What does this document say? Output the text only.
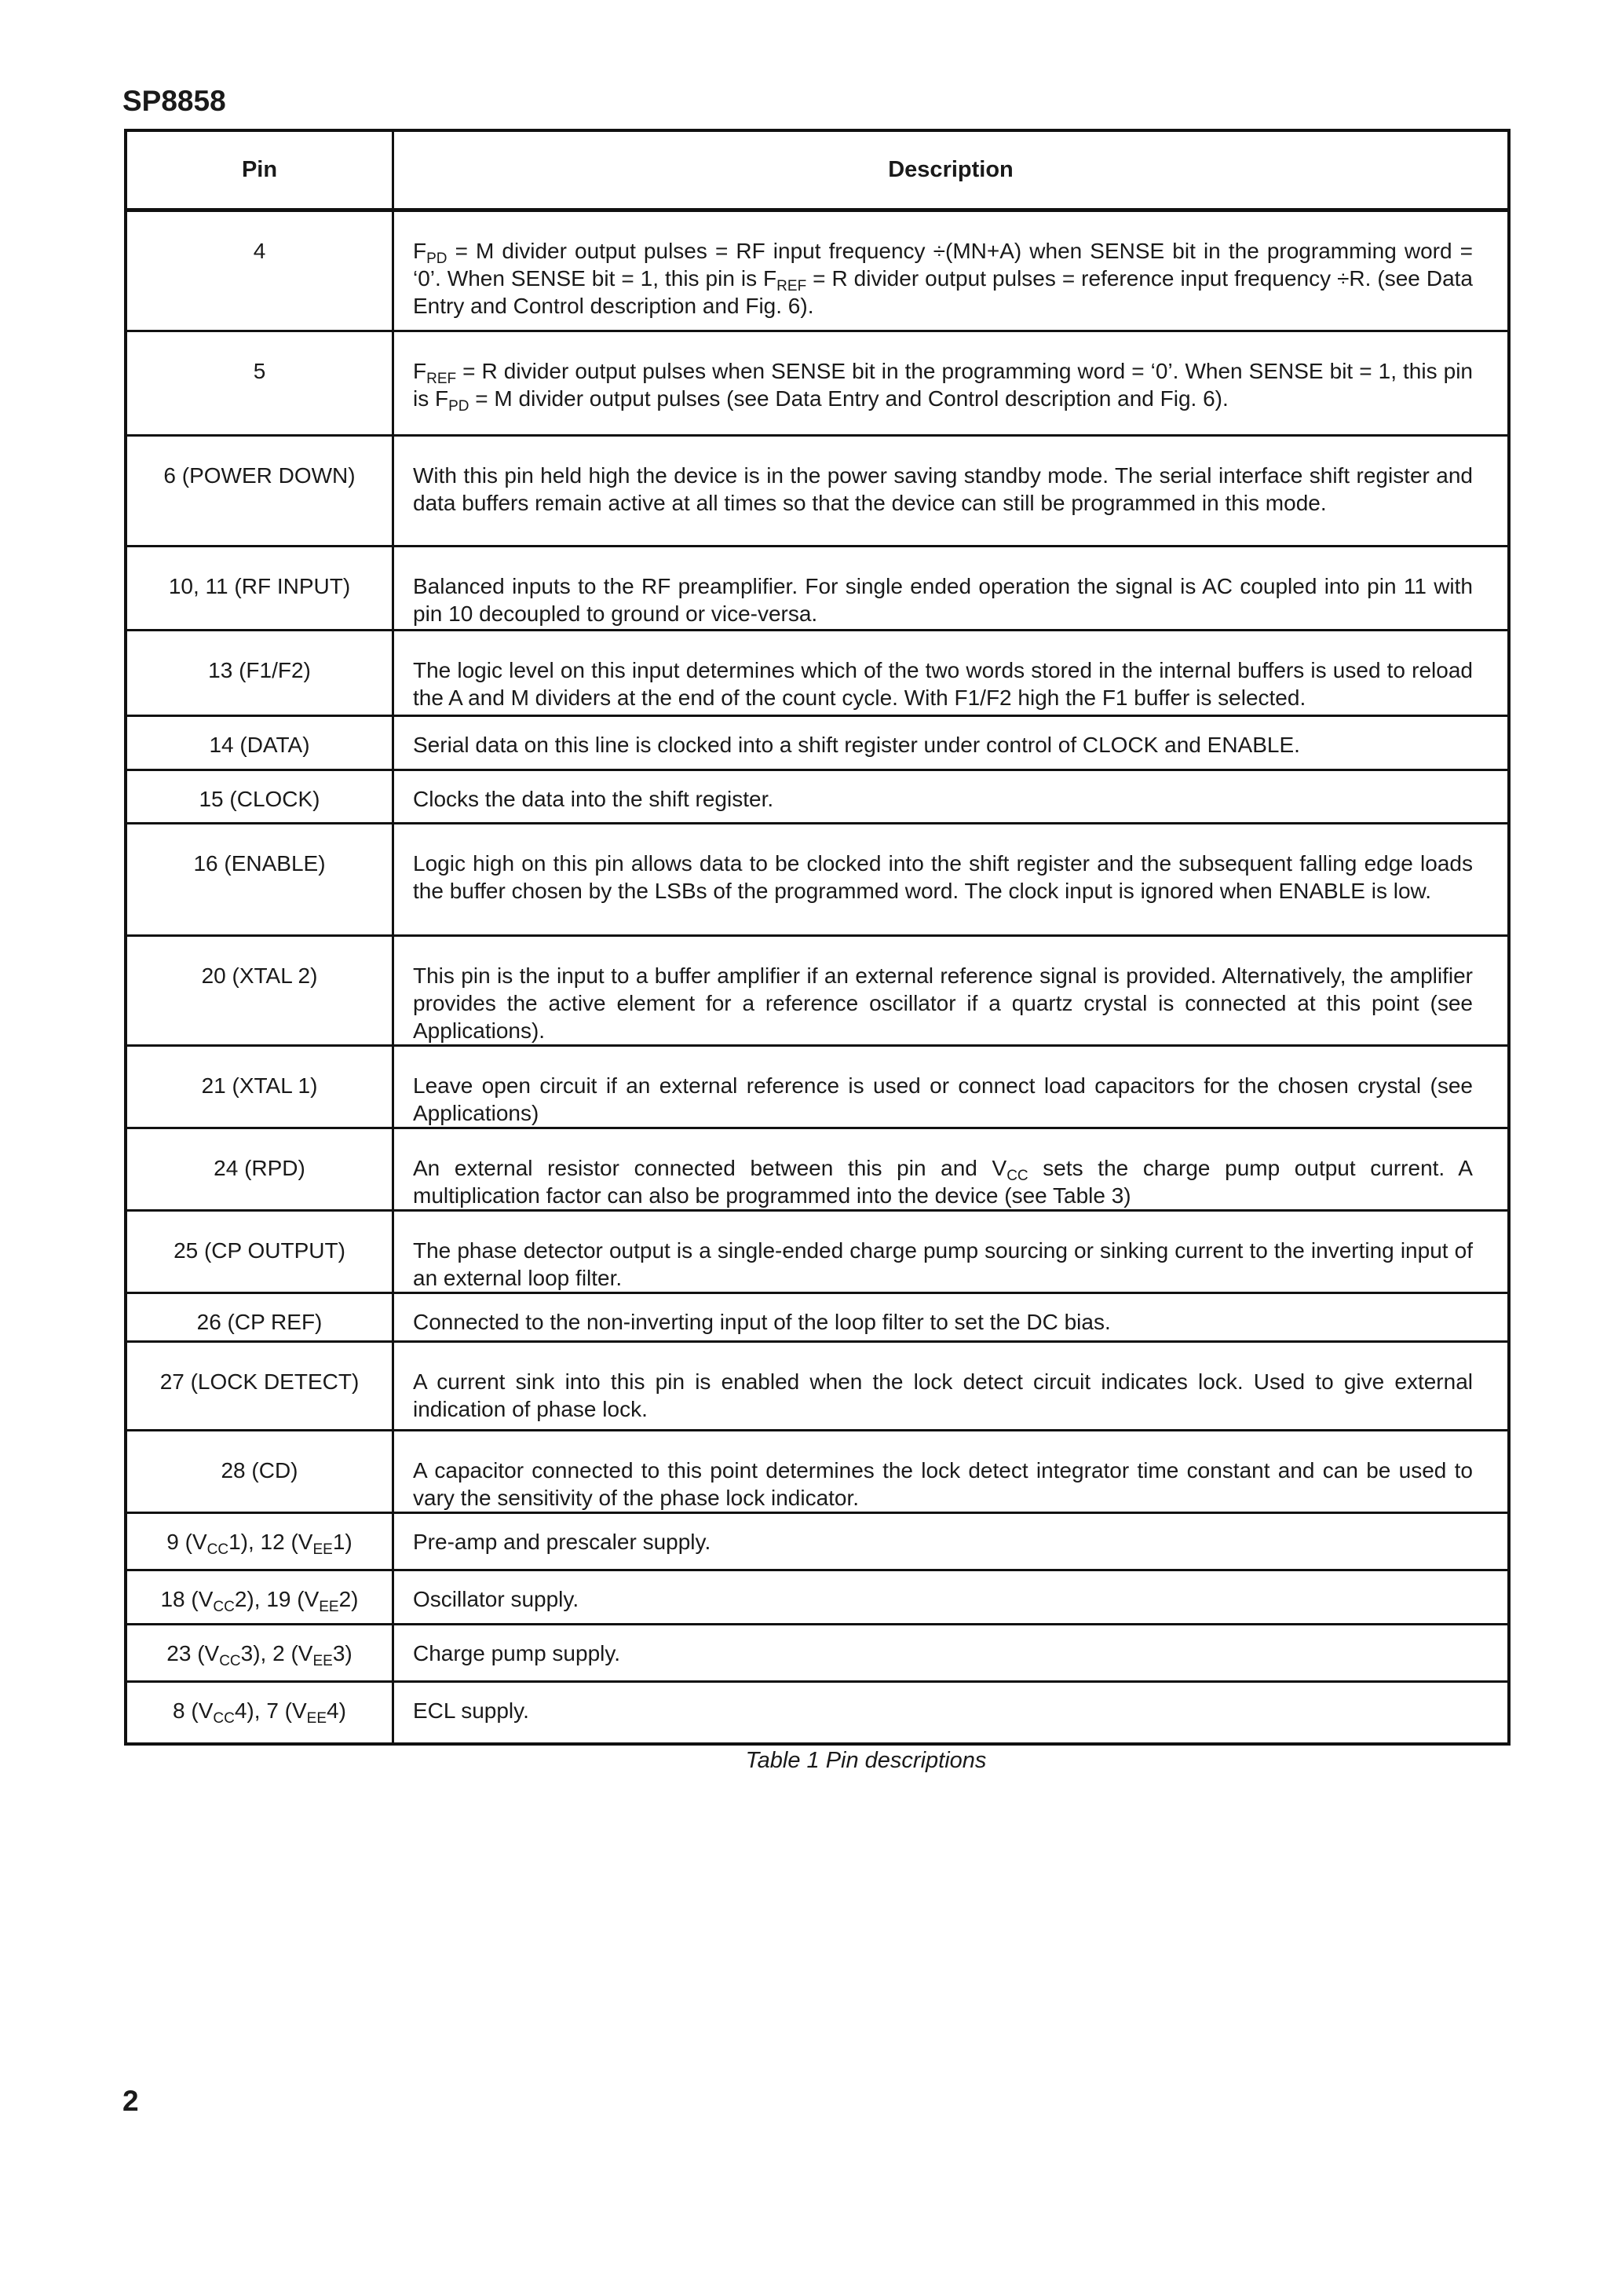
SP8858
Pin	Description
4	$F_{PD} = M$ divider output pulses = RF input frequency ÷(MN+A) when SENSE bit in the programming word = ‘0’. When SENSE bit = 1, this pin is $F_{REF} = R$ divider output pulses = reference input frequency ÷R. (see Data Entry and Control description and Fig. 6).
5	$F_{REF} = R$ divider output pulses when SENSE bit in the programming word = ‘0’. When SENSE bit = 1, this pin is $F_{PD} = M$ divider output pulses (see Data Entry and Control description and Fig. 6).
6 (POWER DOWN)	With this pin held high the device is in the power saving standby mode. The serial interface shift register and data buffers remain active at all times so that the device can still be programmed in this mode.
10, 11 (RF INPUT)	Balanced inputs to the RF preamplifier. For single ended operation the signal is AC coupled into pin 11 with pin 10 decoupled to ground or vice-versa.
13 (F1/F2)	The logic level on this input determines which of the two words stored in the internal buffers is used to reload the A and M dividers at the end of the count cycle. With F1/F2 high the F1 buffer is selected.
14 (DATA)	Serial data on this line is clocked into a shift register under control of CLOCK and ENABLE.
15 (CLOCK)	Clocks the data into the shift register.
16 (ENABLE)	Logic high on this pin allows data to be clocked into the shift register and the subsequent falling edge loads the buffer chosen by the LSBs of the programmed word. The clock input is ignored when ENABLE is low.
20 (XTAL 2)	This pin is the input to a buffer amplifier if an external reference signal is provided. Alternatively, the amplifier provides the active element for a reference oscillator if a quartz crystal is connected at this point (see Applications).
21 (XTAL 1)	Leave open circuit if an external reference is used or connect load capacitors for the chosen crystal (see Applications)
24 (RPD)	An external resistor connected between this pin and $V_{CC}$ sets the charge pump output current. A multiplication factor can also be programmed into the device (see Table 3)
25 (CP OUTPUT)	The phase detector output is a single-ended charge pump sourcing or sinking current to the inverting input of an external loop filter.
26 (CP REF)	Connected to the non-inverting input of the loop filter to set the DC bias.
27 (LOCK DETECT)	A current sink into this pin is enabled when the lock detect circuit indicates lock. Used to give external indication of phase lock.
28 (CD)	A capacitor connected to this point determines the lock detect integrator time constant and can be used to vary the sensitivity of the phase lock indicator.
9 $(V_{CC}1)$, 12 $(V_{EE}1)$	Pre-amp and prescaler supply.
18 $(V_{CC}2)$, 19 $(V_{EE}2)$	Oscillator supply.
23 $(V_{CC}3)$, 2 $(V_{EE}3)$	Charge pump supply.
8 $(V_{CC}4)$, 7 $(V_{EE}4)$	ECL supply.
Table 1 Pin descriptions
2
